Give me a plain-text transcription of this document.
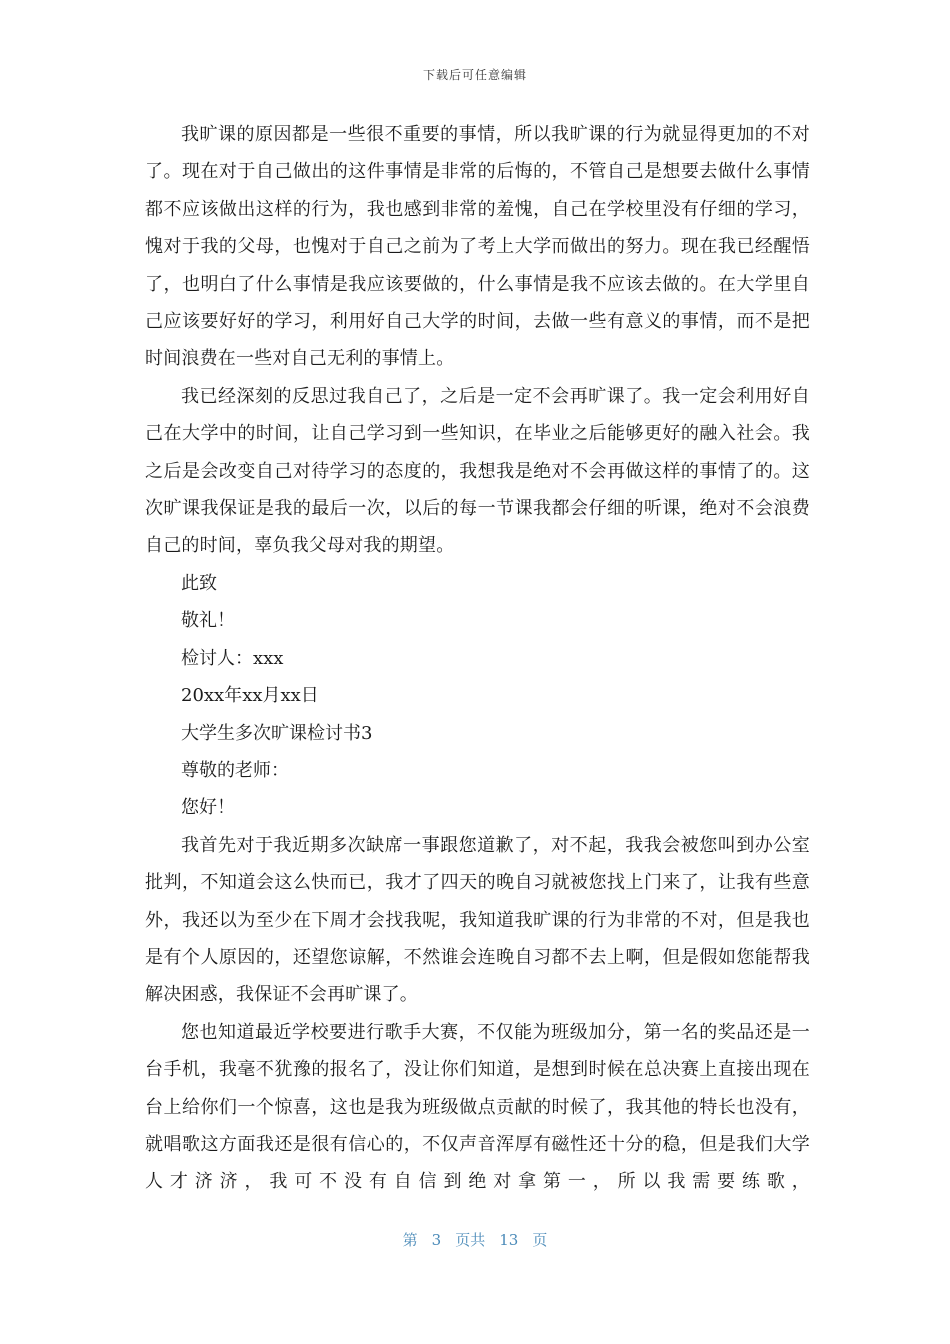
下载后可任意编辑

我旷课的原因都是一些很不重要的事情，所以我旷课的行为就显得更加的不对了。现在对于自己做出的这件事情是非常的后悔的，不管自己是想要去做什么事情都不应该做出这样的行为，我也感到非常的羞愧，自己在学校里没有仔细的学习，愧对于我的父母，也愧对于自己之前为了考上大学而做出的努力。现在我已经醒悟了，也明白了什么事情是我应该要做的，什么事情是我不应该去做的。在大学里自己应该要好好的学习，利用好自己大学的时间，去做一些有意义的事情，而不是把时间浪费在一些对自己无利的事情上。

我已经深刻的反思过我自己了，之后是一定不会再旷课了。我一定会利用好自己在大学中的时间，让自己学习到一些知识，在毕业之后能够更好的融入社会。我之后是会改变自己对待学习的态度的，我想我是绝对不会再做这样的事情了的。这次旷课我保证是我的最后一次，以后的每一节课我都会仔细的听课，绝对不会浪费自己的时间，辜负我父母对我的期望。

此致

敬礼！

检讨人：xxx

20xx年xx月xx日

大学生多次旷课检讨书3

尊敬的老师：

您好！

我首先对于我近期多次缺席一事跟您道歉了，对不起，我我会被您叫到办公室批判，不知道会这么快而已，我才了四天的晚自习就被您找上门来了，让我有些意外，我还以为至少在下周才会找我呢，我知道我旷课的行为非常的不对，但是我也是有个人原因的，还望您谅解，不然谁会连晚自习都不去上啊，但是假如您能帮我解决困惑，我保证不会再旷课了。

您也知道最近学校要进行歌手大赛，不仅能为班级加分，第一名的奖品还是一台手机，我毫不犹豫的报名了，没让你们知道，是想到时候在总决赛上直接出现在台上给你们一个惊喜，这也是我为班级做点贡献的时候了，我其他的特长也没有，就唱歌这方面我还是很有信心的，不仅声音浑厚有磁性还十分的稳，但是我们大学人才济济，我可不没有自信到绝对拿第一，所以我需要练歌，

第 3 页共 13 页
